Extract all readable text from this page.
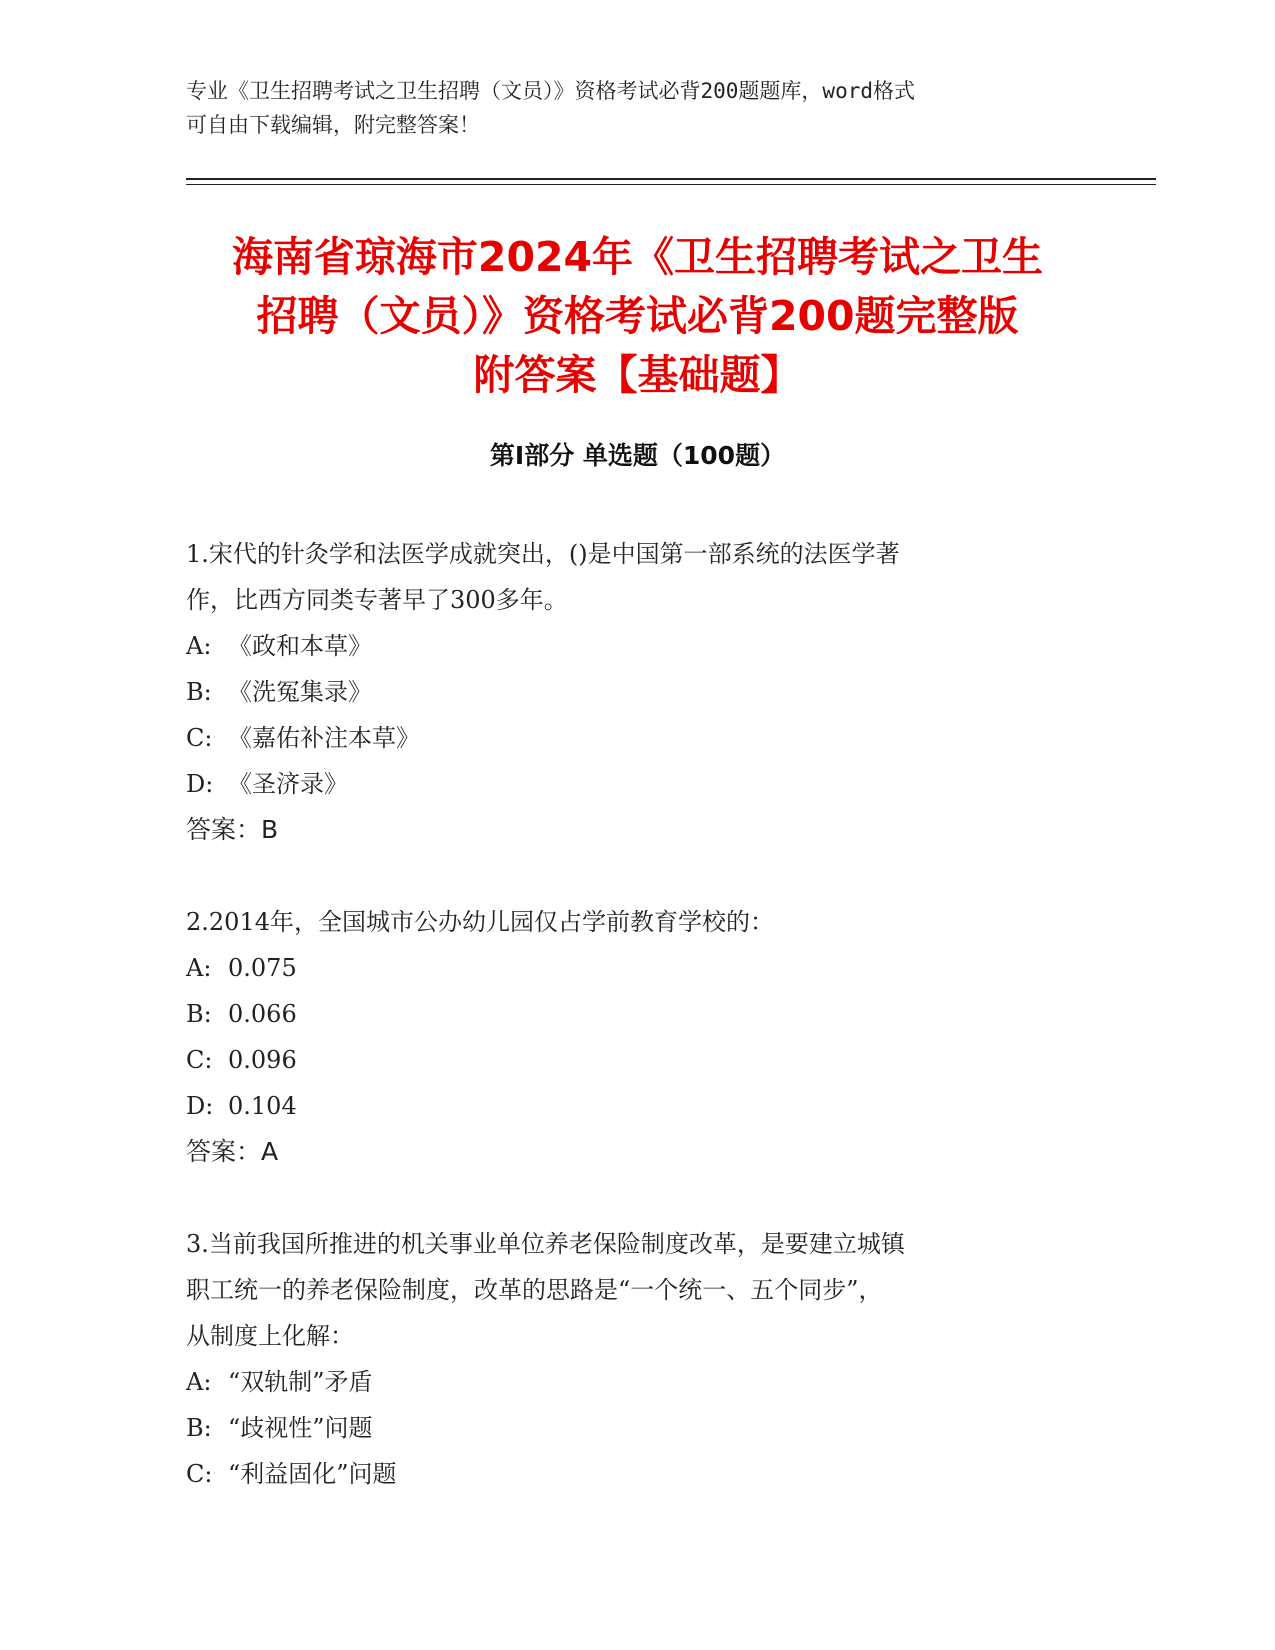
专业《卫生招聘考试之卫生招聘（文员）》资格考试必背200题题库，word格式
可自由下载编辑，附完整答案！
海南省琼海市2024年《卫生招聘考试之卫生
招聘（文员）》资格考试必背200题完整版
附答案【基础题】
第Ⅰ部分 单选题（100题）
1.宋代的针灸学和法医学成就突出，()是中国第一部系统的法医学著
作，比西方同类专著早了300多年。
A: 《政和本草》
B: 《洗冤集录》
C: 《嘉佑补注本草》
D: 《圣济录》
答案：B
2.2014年，全国城市公办幼儿园仅占学前教育学校的：
A: 0.075
B: 0.066
C: 0.096
D: 0.104
答案：A
3.当前我国所推进的机关事业单位养老保险制度改革，是要建立城镇
职工统一的养老保险制度，改革的思路是“一个统一、五个同步”，
从制度上化解：
A: “双轨制”矛盾
B: “歧视性”问题
C: “利益固化”问题
